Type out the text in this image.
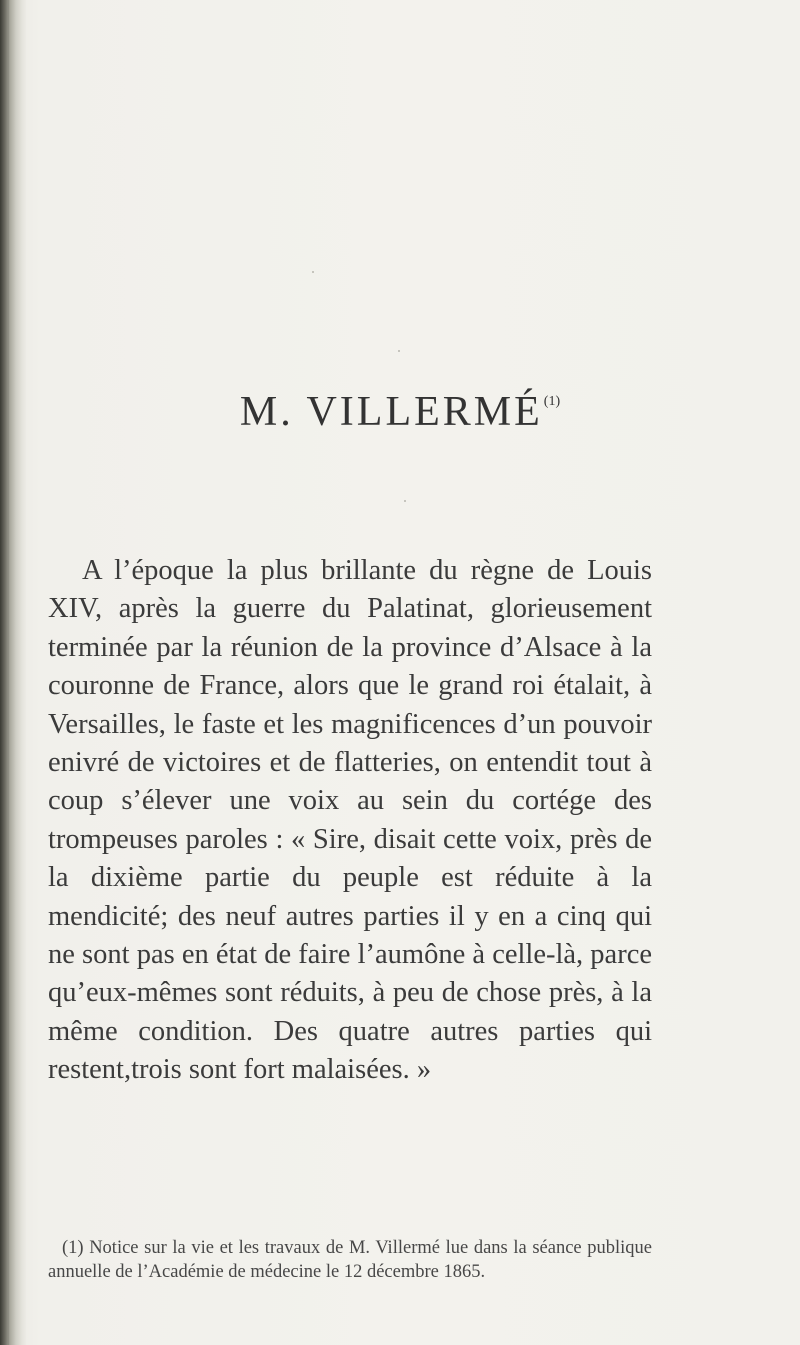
M. VILLERMÉ$^{(1)}$

A l’époque la plus brillante du règne de Louis XIV, après la guerre du Palatinat, glorieusement terminée par la réunion de la province d’Alsace à la couronne de France, alors que le grand roi étalait, à Versailles, le faste et les magnificences d’un pouvoir enivré de victoires et de flatteries, on entendit tout à coup s’élever une voix au sein du cortége des trompeuses paroles : « Sire, disait cette voix, près de la dixième partie du peuple est réduite à la mendicité; des neuf autres parties il y en a cinq qui ne sont pas en état de faire l’aumône à celle-là, parce qu’eux-mêmes sont réduits, à peu de chose près, à la même condition. Des quatre autres parties qui restent,trois sont fort malaisées. »

(1) Notice sur la vie et les travaux de M. Villermé lue dans la séance publique annuelle de l’Académie de médecine le 12 décembre 1865.
